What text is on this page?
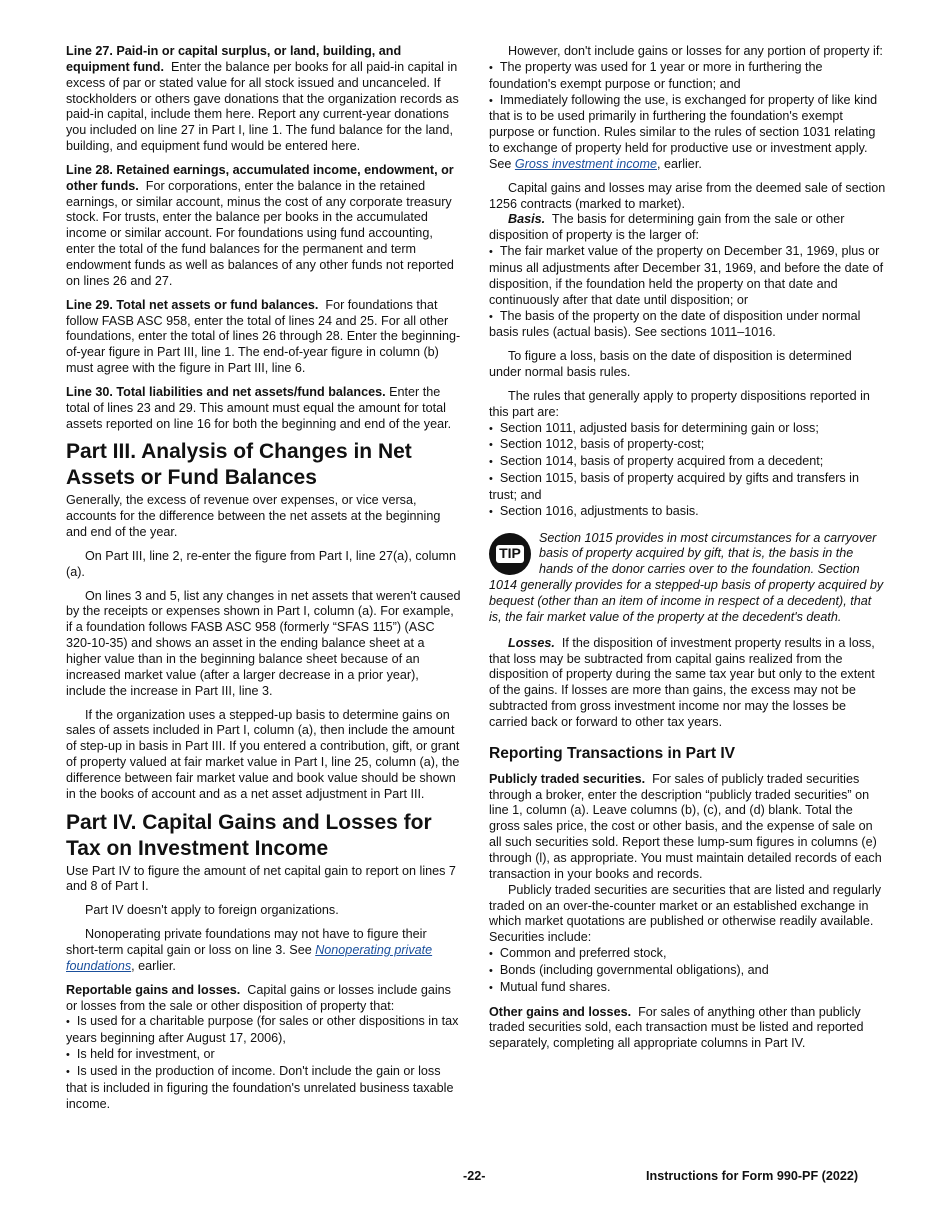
Line 27. Paid-in or capital surplus, or land, building, and equipment fund. Enter the balance per books for all paid-in capital in excess of par or stated value for all stock issued and uncanceled. If stockholders or others gave donations that the organization records as paid-in capital, include them here. Report any current-year donations you included on line 27 in Part I, line 1. The fund balance for the land, building, and equipment fund would be entered here.

Line 28. Retained earnings, accumulated income, endowment, or other funds. For corporations, enter the balance in the retained earnings, or similar account, minus the cost of any corporate treasury stock. For trusts, enter the balance per books in the accumulated income or similar account. For foundations using fund accounting, enter the total of the fund balances for the permanent and term endowment funds as well as balances of any other funds not reported on lines 26 and 27.

Line 29. Total net assets or fund balances. For foundations that follow FASB ASC 958, enter the total of lines 24 and 25. For all other foundations, enter the total of lines 26 through 28. Enter the beginning-of-year figure in Part III, line 1. The end-of-year figure in column (b) must agree with the figure in Part III, line 6.

Line 30. Total liabilities and net assets/fund balances. Enter the total of lines 23 and 29. This amount must equal the amount for total assets reported on line 16 for both the beginning and end of the year.

Part III. Analysis of Changes in Net Assets or Fund Balances

Generally, the excess of revenue over expenses, or vice versa, accounts for the difference between the net assets at the beginning and end of the year.

On Part III, line 2, re-enter the figure from Part I, line 27(a), column (a).

On lines 3 and 5, list any changes in net assets that weren't caused by the receipts or expenses shown in Part I, column (a). For example, if a foundation follows FASB ASC 958 (formerly “SFAS 115”) (ASC 320-10-35) and shows an asset in the ending balance sheet at a higher value than in the beginning balance sheet because of an increased market value (after a larger decrease in a prior year), include the increase in Part III, line 3.

If the organization uses a stepped-up basis to determine gains on sales of assets included in Part I, column (a), then include the amount of step-up in basis in Part III. If you entered a contribution, gift, or grant of property valued at fair market value in Part I, line 25, column (a), the difference between fair market value and book value should be shown in the books of account and as a net asset adjustment in Part III.

Part IV. Capital Gains and Losses for Tax on Investment Income

Use Part IV to figure the amount of net capital gain to report on lines 7 and 8 of Part I.

Part IV doesn't apply to foreign organizations.

Nonoperating private foundations may not have to figure their short-term capital gain or loss on line 3. See Nonoperating private foundations, earlier.

Reportable gains and losses. Capital gains or losses include gains or losses from the sale or other disposition of property that:

• Is used for a charitable purpose (for sales or other dispositions in tax years beginning after August 17, 2006),

• Is held for investment, or

• Is used in the production of income. Don't include the gain or loss that is included in figuring the foundation's unrelated business taxable income.

However, don't include gains or losses for any portion of property if:

• The property was used for 1 year or more in furthering the foundation's exempt purpose or function; and

• Immediately following the use, is exchanged for property of like kind that is to be used primarily in furthering the foundation's exempt purpose or function. Rules similar to the rules of section 1031 relating to exchange of property held for productive use or investment apply. See Gross investment income, earlier.

Capital gains and losses may arise from the deemed sale of section 1256 contracts (marked to market).

Basis. The basis for determining gain from the sale or other disposition of property is the larger of:

• The fair market value of the property on December 31, 1969, plus or minus all adjustments after December 31, 1969, and before the date of disposition, if the foundation held the property on that date and continuously after that date until disposition; or

• The basis of the property on the date of disposition under normal basis rules (actual basis). See sections 1011–1016.

To figure a loss, basis on the date of disposition is determined under normal basis rules.

The rules that generally apply to property dispositions reported in this part are:

• Section 1011, adjusted basis for determining gain or loss;

• Section 1012, basis of property-cost;

• Section 1014, basis of property acquired from a decedent;

• Section 1015, basis of property acquired by gifts and transfers in trust; and

• Section 1016, adjustments to basis.

TIP

Section 1015 provides in most circumstances for a carryover basis of property acquired by gift, that is, the basis in the hands of the donor carries over to the foundation. Section 1014 generally provides for a stepped-up basis of property acquired by bequest (other than an item of income in respect of a decedent), that is, the fair market value of the property at the decedent's death.

Losses. If the disposition of investment property results in a loss, that loss may be subtracted from capital gains realized from the disposition of property during the same tax year but only to the extent of the gains. If losses are more than gains, the excess may not be subtracted from gross investment income nor may the losses be carried back or forward to other tax years.

Reporting Transactions in Part IV

Publicly traded securities. For sales of publicly traded securities through a broker, enter the description “publicly traded securities” on line 1, column (a). Leave columns (b), (c), and (d) blank. Total the gross sales price, the cost or other basis, and the expense of sale on all such securities sold. Report these lump-sum figures in columns (e) through (l), as appropriate. You must maintain detailed records of each transaction in your books and records.

Publicly traded securities are securities that are listed and regularly traded on an over-the-counter market or an established exchange in which market quotations are published or otherwise readily available. Securities include:

• Common and preferred stock,

• Bonds (including governmental obligations), and

• Mutual fund shares.

Other gains and losses. For sales of anything other than publicly traded securities sold, each transaction must be listed and reported separately, completing all appropriate columns in Part IV.

-22-	Instructions for Form 990-PF (2022)
